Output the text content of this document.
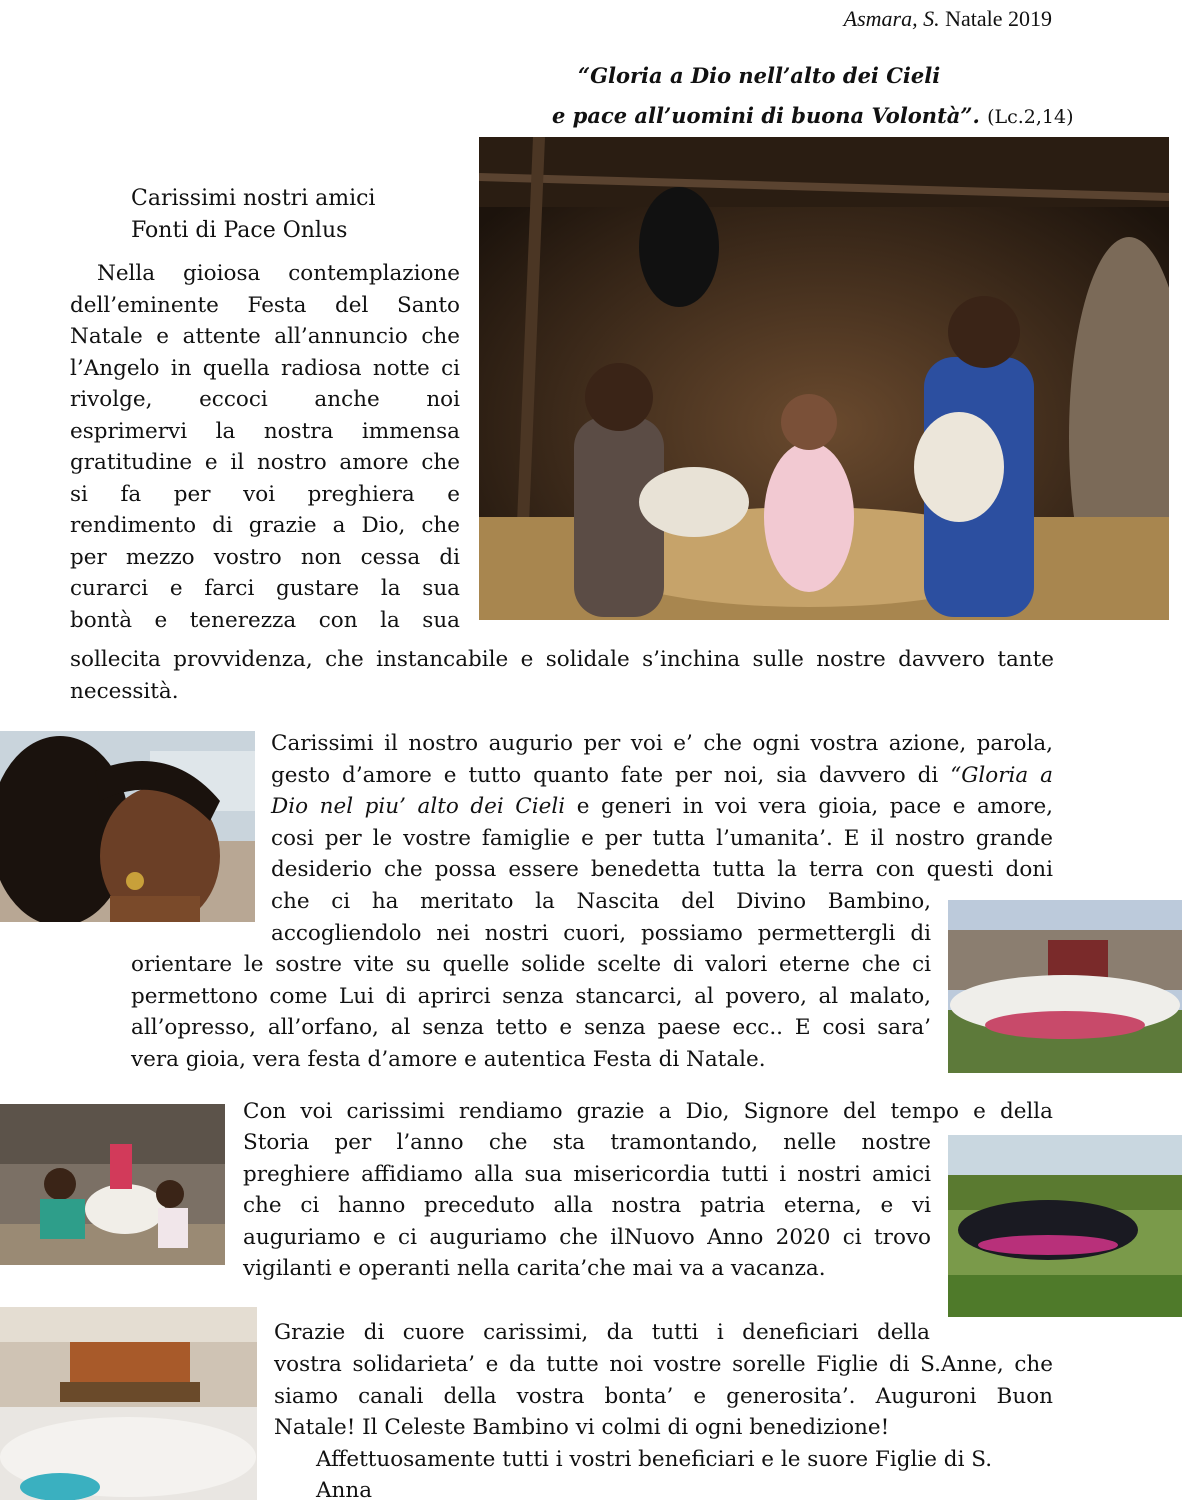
Asmara, S. Natale 2019
“Gloria a Dio nell’alto dei Cieli
e pace all’uomini di buona Volontà”. (Lc.2,14)
Carissimi nostri amici
Fonti di Pace Onlus

Nella gioiosa contemplazione

dell’eminente Festa del Santo

Natale e attente all’annuncio che

l’Angelo in quella radiosa notte ci

rivolge, eccoci anche noi

esprimervi la nostra immensa

gratitudine e il nostro amore che

si fa per voi preghiera e

rendimento di grazie a Dio, che

per mezzo vostro non cessa di

curarci e farci gustare la sua

bontà e tenerezza con la sua

sollecita provvidenza, che instancabile e solidale s’inchina sulle nostre davvero tante

necessità.

Carissimi il nostro augurio per voi e’ che ogni vostra azione, parola,

gesto d’amore e tutto quanto fate per noi, sia davvero di “Gloria a

Dio nel piu’ alto dei Cieli e generi in voi vera gioia, pace e amore,

cosi per le vostre famiglie e per tutta l’umanita’. E il nostro grande

desiderio che possa essere benedetta tutta la terra con questi doni

che ci ha meritato la Nascita del Divino Bambino,

accogliendolo nei nostri cuori, possiamo permettergli di

orientare le sostre vite su quelle solide scelte di valori eterne che ci

permettono come Lui di aprirci senza stancarci, al povero, al malato,

all’opresso, all’orfano, al senza tetto e senza paese ecc.. E cosi sara’

vera gioia, vera festa d’amore e autentica Festa di Natale.

Con voi carissimi rendiamo grazie a Dio, Signore del tempo e della

Storia per l’anno che sta tramontando, nelle nostre

preghiere affidiamo alla sua misericordia tutti i nostri amici

che ci hanno preceduto alla nostra patria eterna, e vi

auguriamo e ci auguriamo che ilNuovo Anno 2020 ci trovo

vigilanti e operanti nella carita’che mai va a vacanza.

Grazie di cuore carissimi, da tutti i deneficiari della

vostra solidarieta’ e da tutte noi vostre sorelle Figlie di S.Anne, che

siamo canali della vostra bonta’ e generosita’. Auguroni Buon

Natale! Il Celeste Bambino vi colmi di ogni benedizione!

Affettuosamente tutti i vostri beneficiari e le suore Figlie di S. Anna
